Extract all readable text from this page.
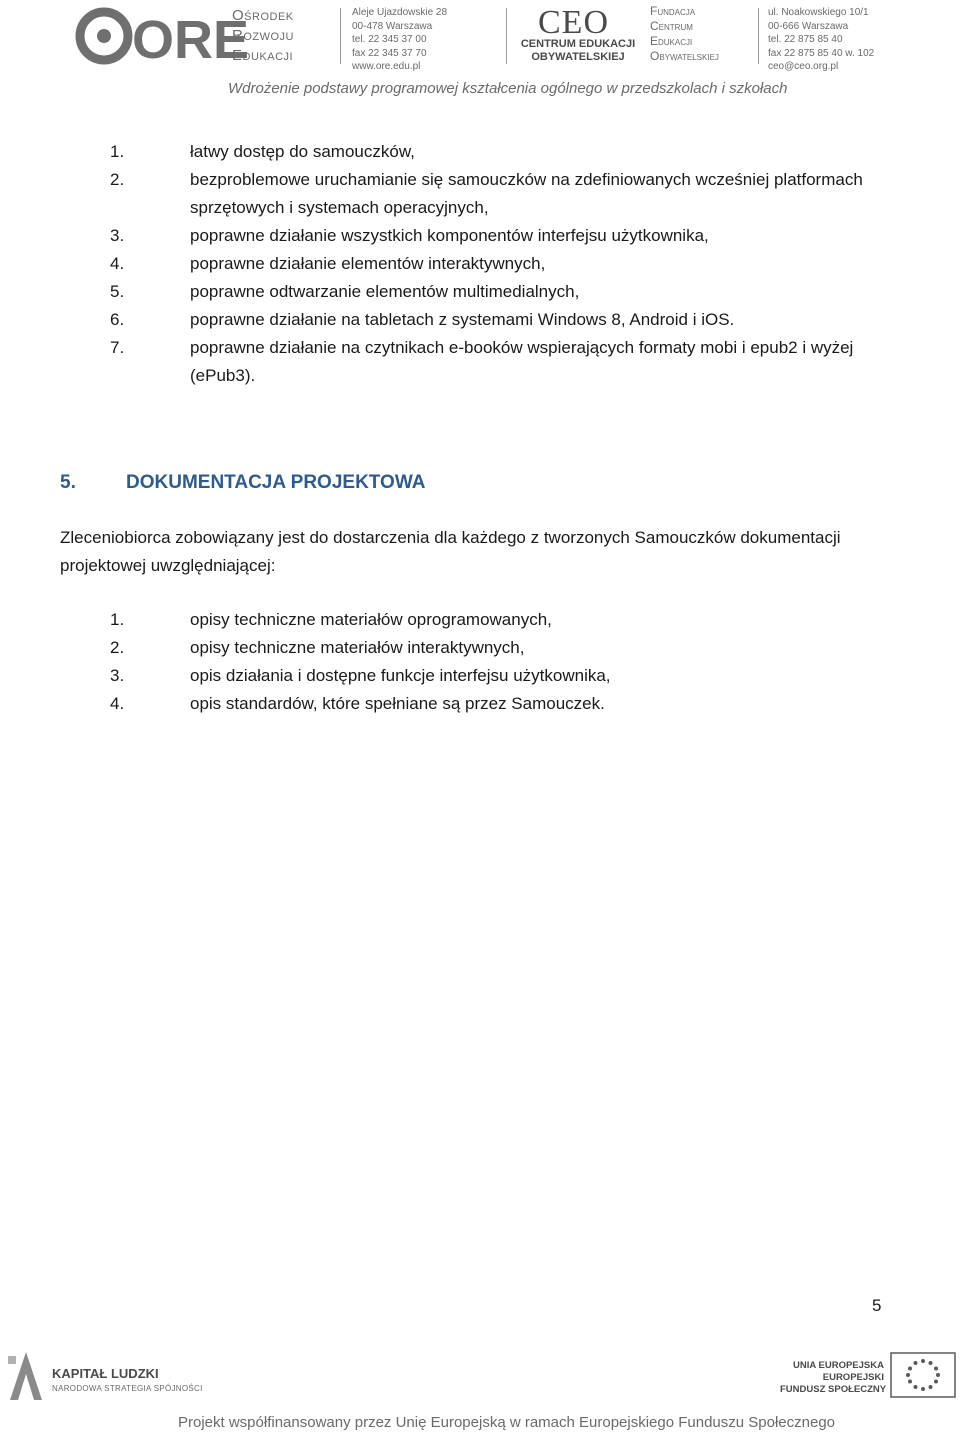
ORE
Ośrodek
Rozwoju
Edukacji
Aleje Ujazdowskie 28
00-478 Warszawa
tel. 22 345 37 00
fax 22 345 37 70
www.ore.edu.pl
CEO
CENTRUM EDUKACJI
OBYWATELSKIEJ
Fundacja
Centrum
Edukacji
Obywatelskiej
ul. Noakowskiego 10/1
00-666 Warszawa
tel. 22 875 85 40
fax 22 875 85 40 w. 102
ceo@ceo.org.pl
Wdrożenie podstawy programowej kształcenia ogólnego w przedszkolach i szkołach
1.	łatwy dostęp do samouczków,
2.	bezproblemowe uruchamianie się samouczków na zdefiniowanych wcześniej platformach sprzętowych i systemach operacyjnych,
3.	poprawne działanie wszystkich komponentów interfejsu użytkownika,
4.	poprawne działanie elementów interaktywnych,
5.	poprawne odtwarzanie elementów multimedialnych,
6.	poprawne działanie na tabletach z systemami Windows 8, Android i iOS.
7.	poprawne działanie na czytnikach e-booków wspierających formaty mobi i epub2 i wyżej (ePub3).
5.	DOKUMENTACJA PROJEKTOWA

Zleceniobiorca zobowiązany jest do dostarczenia dla każdego z tworzonych Samouczków dokumentacji projektowej uwzględniającej:

1.	opisy techniczne materiałów oprogramowanych,
2.	opisy techniczne materiałów interaktywnych,
3.	opis działania i dostępne funkcje interfejsu użytkownika,
4.	opis standardów, które spełniane są przez Samouczek.
5
KAPITAŁ LUDZKI
NARODOWA STRATEGIA SPÓJNOŚCI
UNIA EUROPEJSKA
EUROPEJSKI
FUNDUSZ SPOŁECZNY
Projekt współfinansowany przez Unię Europejską w ramach Europejskiego Funduszu Społecznego
